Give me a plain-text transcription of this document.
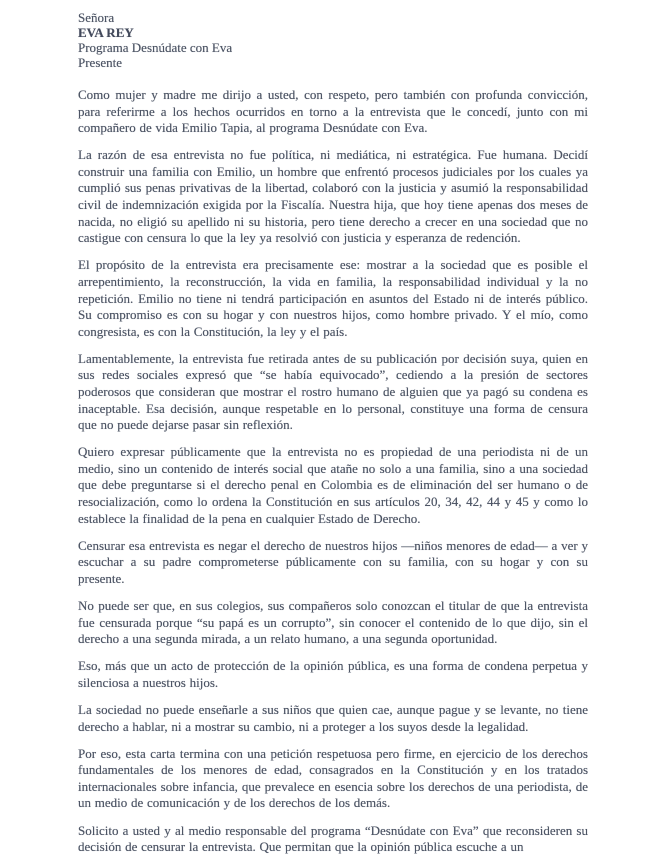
Señora
EVA REY
Programa Desnúdate con Eva
Presente

Como mujer y madre me dirijo a usted, con respeto, pero también con profunda convicción, para referirme a los hechos ocurridos en torno a la entrevista que le concedí, junto con mi compañero de vida Emilio Tapia, al programa Desnúdate con Eva.

La razón de esa entrevista no fue política, ni mediática, ni estratégica. Fue humana. Decidí construir una familia con Emilio, un hombre que enfrentó procesos judiciales por los cuales ya cumplió sus penas privativas de la libertad, colaboró con la justicia y asumió la responsabilidad civil de indemnización exigida por la Fiscalía. Nuestra hija, que hoy tiene apenas dos meses de nacida, no eligió su apellido ni su historia, pero tiene derecho a crecer en una sociedad que no castigue con censura lo que la ley ya resolvió con justicia y esperanza de redención.

El propósito de la entrevista era precisamente ese: mostrar a la sociedad que es posible el arrepentimiento, la reconstrucción, la vida en familia, la responsabilidad individual y la no repetición. Emilio no tiene ni tendrá participación en asuntos del Estado ni de interés público. Su compromiso es con su hogar y con nuestros hijos, como hombre privado. Y el mío, como congresista, es con la Constitución, la ley y el país.

Lamentablemente, la entrevista fue retirada antes de su publicación por decisión suya, quien en sus redes sociales expresó que “se había equivocado”, cediendo a la presión de sectores poderosos que consideran que mostrar el rostro humano de alguien que ya pagó su condena es inaceptable. Esa decisión, aunque respetable en lo personal, constituye una forma de censura que no puede dejarse pasar sin reflexión.

Quiero expresar públicamente que la entrevista no es propiedad de una periodista ni de un medio, sino un contenido de interés social que atañe no solo a una familia, sino a una sociedad que debe preguntarse si el derecho penal en Colombia es de eliminación del ser humano o de resocialización, como lo ordena la Constitución en sus artículos 20, 34, 42, 44 y 45 y como lo establece la finalidad de la pena en cualquier Estado de Derecho.

Censurar esa entrevista es negar el derecho de nuestros hijos —niños menores de edad— a ver y escuchar a su padre comprometerse públicamente con su familia, con su hogar y con su presente.

No puede ser que, en sus colegios, sus compañeros solo conozcan el titular de que la entrevista fue censurada porque “su papá es un corrupto”, sin conocer el contenido de lo que dijo, sin el derecho a una segunda mirada, a un relato humano, a una segunda oportunidad.

Eso, más que un acto de protección de la opinión pública, es una forma de condena perpetua y silenciosa a nuestros hijos.

La sociedad no puede enseñarle a sus niños que quien cae, aunque pague y se levante, no tiene derecho a hablar, ni a mostrar su cambio, ni a proteger a los suyos desde la legalidad.

Por eso, esta carta termina con una petición respetuosa pero firme, en ejercicio de los derechos fundamentales de los menores de edad, consagrados en la Constitución y en los tratados internacionales sobre infancia, que prevalece en esencia sobre los derechos de una periodista, de un medio de comunicación y de los derechos de los demás.

Solicito a usted y al medio responsable del programa “Desnúdate con Eva” que reconsideren su decisión de censurar la entrevista. Que permitan que la opinión pública escuche a un
